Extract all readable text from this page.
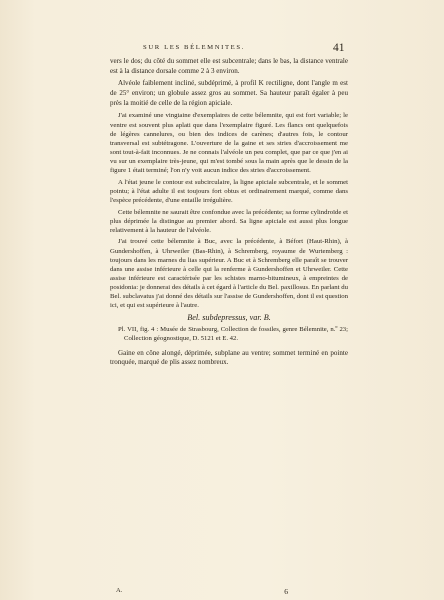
SUR LES BÉLEMNITES.	41

vers le dos; du côté du sommet elle est subcentrale; dans le bas, la distance ventrale est à la distance dorsale comme 2 à 3 environ.

Alvéole faiblement incliné, subdéprimé, à profil K rectiligne, dont l'angle m est de 25° environ; un globule assez gros au sommet. Sa hauteur paraît égaler à peu près la moitié de celle de la région apiciale.

J'ai examiné une vingtaine d'exemplaires de cette bélemnite, qui est fort variable; le ventre est souvent plus aplati que dans l'exemplaire figuré. Les flancs ont quelquefois de légères cannelures, ou bien des indices de carènes; d'autres fois, le contour transversal est subtétragone. L'ouverture de la gaine et ses stries d'accroissement me sont tout-à-fait inconnues. Je ne connais l'alvéole un peu complet, que par ce que j'en ai vu sur un exemplaire très-jeune, qui m'est tombé sous la main après que le dessin de la figure 1 était terminé; l'on n'y voit aucun indice des stries d'accroissement.

A l'état jeune le contour est subcirculaire, la ligne apiciale subcentrale, et le sommet pointu; à l'état adulte il est toujours fort obtus et ordinairement marqué, comme dans l'espèce précédente, d'une entaille irrégulière.

Cette bélemnite ne saurait être confondue avec la précédente; sa forme cylindroïde et plus déprimée la distingue au premier abord. Sa ligne apiciale est aussi plus longue relativement à la hauteur de l'alvéole.

J'ai trouvé cette bélemnite à Buc, avec la précédente, à Béfort (Haut-Rhin), à Gundershoffen, à Uhrweiler (Bas-Rhin), à Schremberg, royaume de Wurtemberg : toujours dans les marnes du lias supérieur. A Buc et à Schremberg elle paraît se trouver dans une assise inférieure à celle qui la renferme à Gundershoffen et Uhrweiler. Cette assise inférieure est caractérisée par les schistes marno-bitumineux, à empreintes de posidonia: je donnerai des détails à cet égard à l'article du Bel. paxillosus. En parlant du Bel. subclavatus j'ai donné des détails sur l'assise de Gundershoffen, dont il est question ici, et qui est supérieure à l'autre.

Bel. subdepressus, var. B.

Pl. VII, fig. 4 : Musée de Strasbourg, Collection de fossiles, genre Bélemnite, n.º 23; Collection géognostique, D. 5121 et E. 42.

Gaine en cône alongé, déprimée, subplane au ventre; sommet terminé en pointe tronquée, marqué de plis assez nombreux.

A.	6
